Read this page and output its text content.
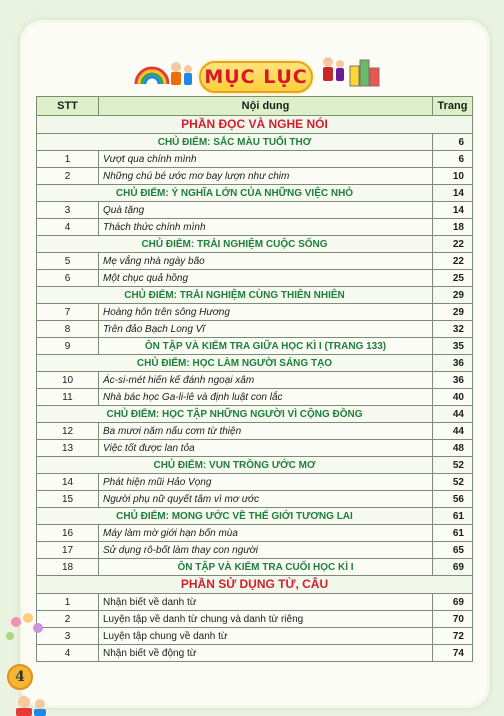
MỤC LỤC
STT	Nội dung	Trang
PHẦN ĐỌC VÀ NGHE NÓI		
CHỦ ĐIỂM: SẮC MÀU TUỔI THƠ		6
1	Vượt qua chính mình	6
2	Những chú bé ước mơ bay lượn như chim	10
CHỦ ĐIỂM: Ý NGHĨA LỚN CỦA NHỮNG VIỆC NHỎ		14
3	Quà tặng	14
4	Thách thức chính mình	18
CHỦ ĐIỂM: TRẢI NGHIỆM CUỘC SỐNG		22
5	Mẹ vắng nhà ngày bão	22
6	Một chục quả hồng	25
CHỦ ĐIỂM: TRẢI NGHIỆM CÙNG THIÊN NHIÊN		29
7	Hoàng hôn trên sông Hương	29
8	Trên đảo Bạch Long Vĩ	32
9	ÔN TẬP VÀ KIỂM TRA GIỮA HỌC KÌ I (TRANG 133)	35
CHỦ ĐIỂM: HỌC LÀM NGƯỜI SÁNG TẠO		36
10	Ác-si-mét hiến kế đánh ngoại xâm	36
11	Nhà bác học Ga-li-lê và định luật con lắc	40
CHỦ ĐIỂM: HỌC TẬP NHỮNG NGƯỜI VÌ CỘNG ĐỒNG		44
12	Ba mươi năm nấu cơm từ thiện	44
13	Việc tốt được lan tỏa	48
CHỦ ĐIỂM: VUN TRỒNG ƯỚC MƠ		52
14	Phát hiện mũi Hảo Vọng	52
15	Người phụ nữ quyết tâm vì mơ ước	56
CHỦ ĐIỂM: MONG ƯỚC VỀ THẾ GIỚI TƯƠNG LAI		61
16	Máy làm mờ giới hạn bốn mùa	61
17	Sử dụng rô-bốt làm thay con người	65
18	ÔN TẬP VÀ KIỂM TRA CUỐI HỌC KÌ I	69
PHẦN SỬ DỤNG TỪ, CÂU		
1	Nhận biết về danh từ	69
2	Luyện tập về danh từ chung và danh từ riêng	70
3	Luyện tập chung về danh từ	72
4	Nhận biết về động từ	74
4
